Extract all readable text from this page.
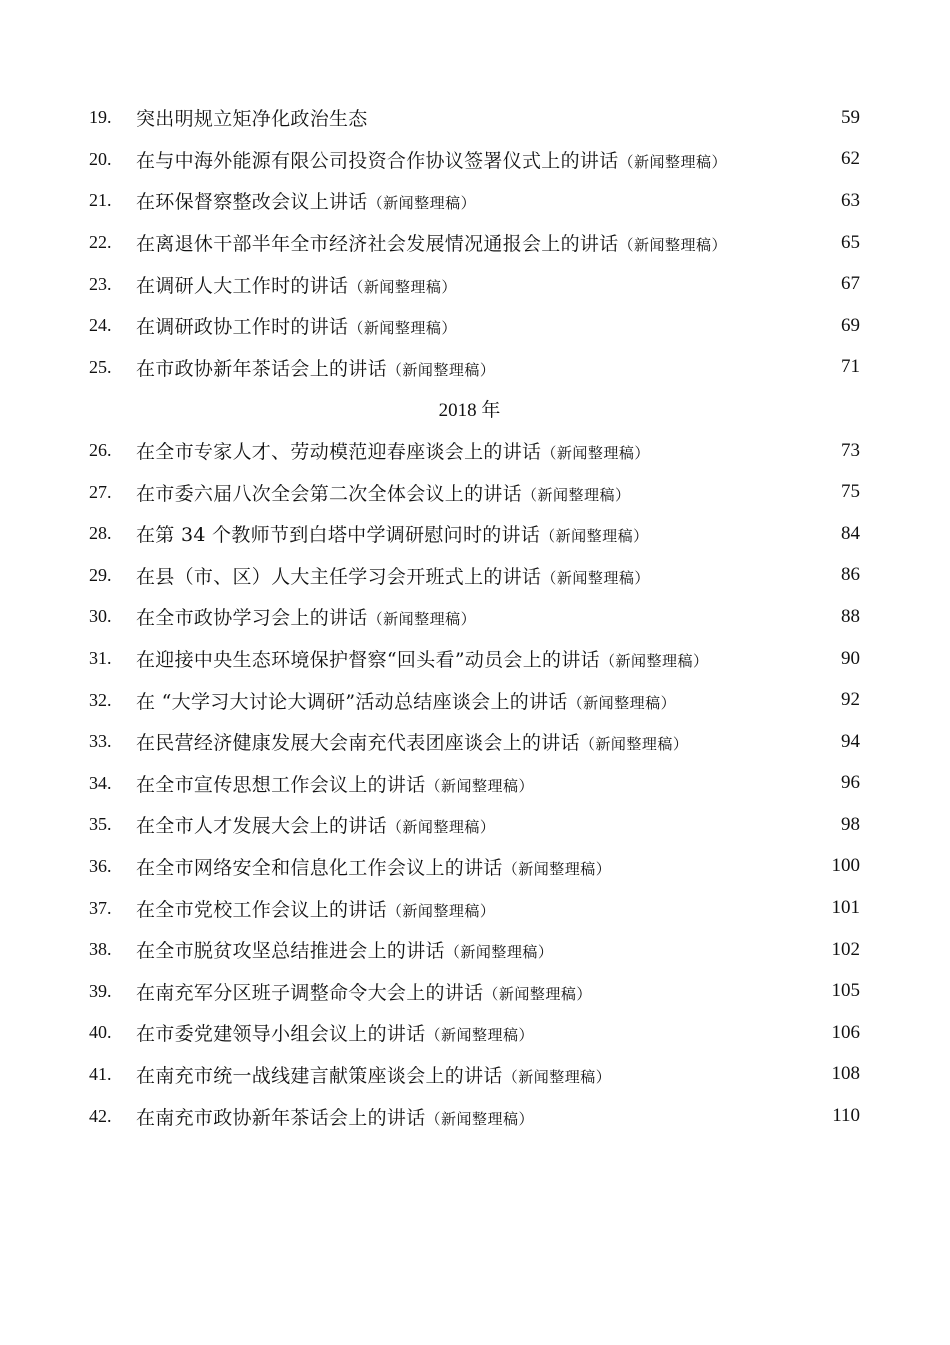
19.	突出明规立矩净化政治生态	59
20.	在与中海外能源有限公司投资合作协议签署仪式上的讲话（新闻整理稿）	62
21.	在环保督察整改会议上讲话（新闻整理稿）	63
22.	在离退休干部半年全市经济社会发展情况通报会上的讲话（新闻整理稿）	65
23.	在调研人大工作时的讲话（新闻整理稿）	67
24.	在调研政协工作时的讲话（新闻整理稿）	69
25.	在市政协新年茶话会上的讲话（新闻整理稿）	71
2018 年
26.	在全市专家人才、劳动模范迎春座谈会上的讲话（新闻整理稿）	73
27.	在市委六届八次全会第二次全体会议上的讲话（新闻整理稿）	75
28.	在第 34 个教师节到白塔中学调研慰问时的讲话（新闻整理稿）	84
29.	在县（市、区）人大主任学习会开班式上的讲话（新闻整理稿）	86
30.	在全市政协学习会上的讲话（新闻整理稿）	88
31.	在迎接中央生态环境保护督察“回头看”动员会上的讲话（新闻整理稿）	90
32.	在 “大学习大讨论大调研”活动总结座谈会上的讲话（新闻整理稿）	92
33.	在民营经济健康发展大会南充代表团座谈会上的讲话（新闻整理稿）	94
34.	在全市宣传思想工作会议上的讲话（新闻整理稿）	96
35.	在全市人才发展大会上的讲话（新闻整理稿）	98
36.	在全市网络安全和信息化工作会议上的讲话（新闻整理稿）	100
37.	在全市党校工作会议上的讲话（新闻整理稿）	101
38.	在全市脱贫攻坚总结推进会上的讲话（新闻整理稿）	102
39.	在南充军分区班子调整命令大会上的讲话（新闻整理稿）	105
40.	在市委党建领导小组会议上的讲话（新闻整理稿）	106
41.	在南充市统一战线建言献策座谈会上的讲话（新闻整理稿）	108
42.	在南充市政协新年茶话会上的讲话（新闻整理稿）	110
